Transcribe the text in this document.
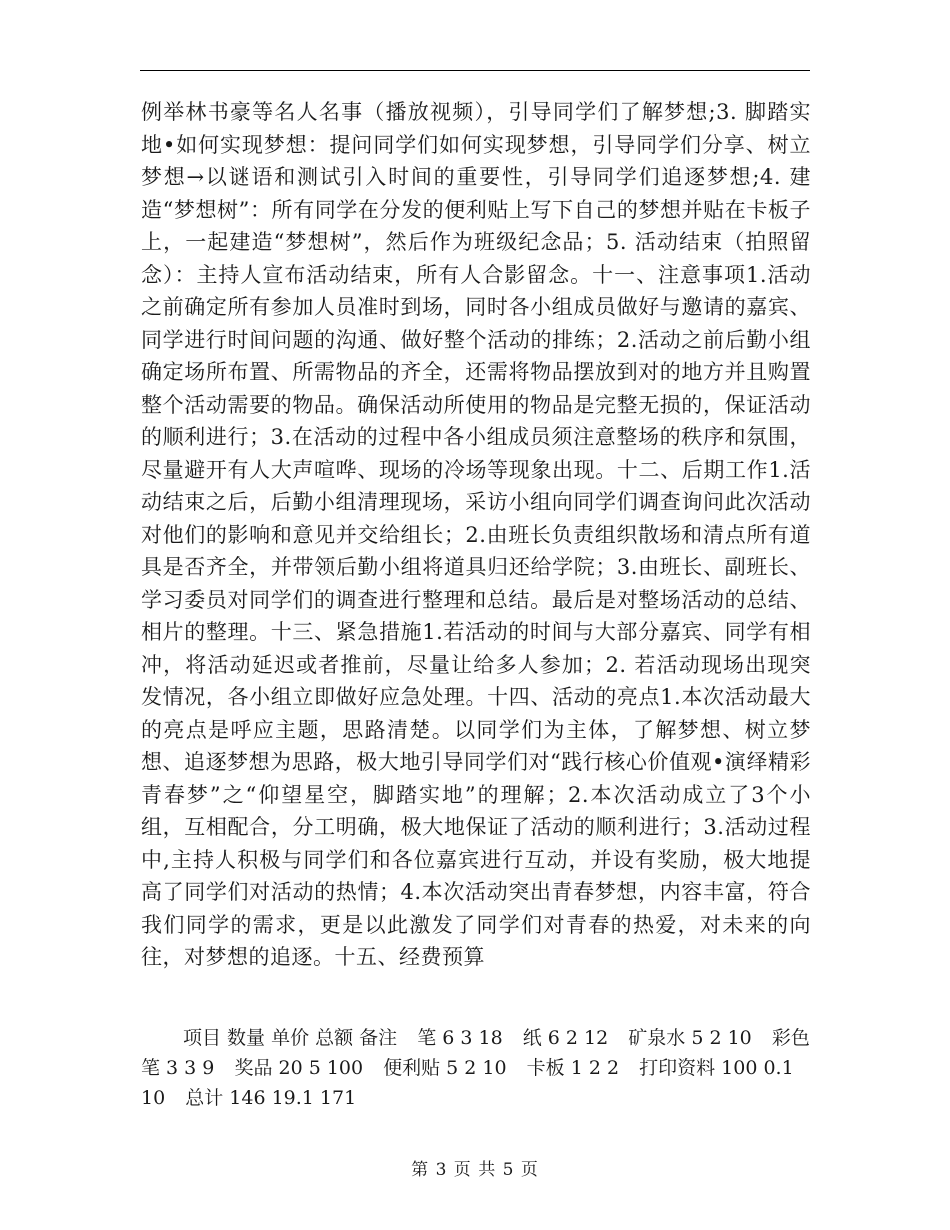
例举林书豪等名人名事（播放视频），引导同学们了解梦想;3. 脚踏实地•如何实现梦想：提问同学们如何实现梦想，引导同学们分享、树立梦想→以谜语和测试引入时间的重要性，引导同学们追逐梦想;4. 建造“梦想树”：所有同学在分发的便利贴上写下自己的梦想并贴在卡板子上，一起建造“梦想树”，然后作为班级纪念品；5. 活动结束（拍照留念）：主持人宣布活动结束，所有人合影留念。十一、注意事项1.活动之前确定所有参加人员准时到场，同时各小组成员做好与邀请的嘉宾、同学进行时间问题的沟通、做好整个活动的排练；2.活动之前后勤小组确定场所布置、所需物品的齐全，还需将物品摆放到对的地方并且购置整个活动需要的物品。确保活动所使用的物品是完整无损的，保证活动的顺利进行；3.在活动的过程中各小组成员须注意整场的秩序和氛围，尽量避开有人大声喧哗、现场的冷场等现象出现。十二、后期工作1.活动结束之后，后勤小组清理现场，采访小组向同学们调查询问此次活动对他们的影响和意见并交给组长；2.由班长负责组织散场和清点所有道具是否齐全，并带领后勤小组将道具归还给学院；3.由班长、副班长、学习委员对同学们的调查进行整理和总结。最后是对整场活动的总结、相片的整理。十三、紧急措施1.若活动的时间与大部分嘉宾、同学有相冲，将活动延迟或者推前，尽量让给多人参加；2. 若活动现场出现突发情况，各小组立即做好应急处理。十四、活动的亮点1.本次活动最大的亮点是呼应主题，思路清楚。以同学们为主体，了解梦想、树立梦想、追逐梦想为思路，极大地引导同学们对“践行核心价值观•演绎精彩青春梦”之“仰望星空，脚踏实地”的理解；2.本次活动成立了3个小组，互相配合，分工明确，极大地保证了活动的顺利进行；3.活动过程中,主持人积极与同学们和各位嘉宾进行互动，并设有奖励，极大地提高了同学们对活动的热情；4.本次活动突出青春梦想，内容丰富，符合我们同学的需求，更是以此激发了同学们对青春的热爱，对未来的向往，对梦想的追逐。十五、经费预算

项目 数量 单价 总额 备注 笔 6 3 18 纸 6 2 12 矿泉水 5 2 10 彩色笔 3 3 9 奖品 20 5 100 便利贴 5 2 10 卡板 1 2 2 打印资料 100 0.1 10 总计 146 19.1 171
第 3 页 共 5 页
